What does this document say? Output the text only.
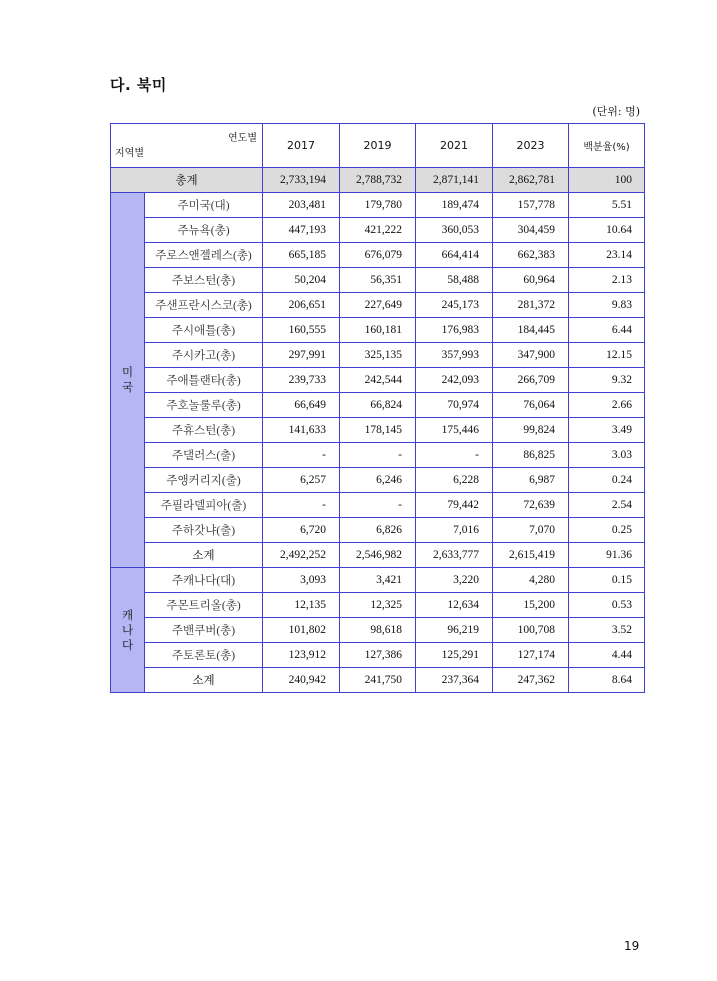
다. 북미
(단위: 명)
연도별
지역별		2017	2019	2021	2023	백분율(%)
총계		2,733,194	2,788,732	2,871,141	2,862,781	100
미
국	주미국(대)	203,481	179,780	189,474	157,778	5.51
	주뉴욕(총)	447,193	421,222	360,053	304,459	10.64
	주로스앤젤레스(총)	665,185	676,079	664,414	662,383	23.14
	주보스턴(총)	50,204	56,351	58,488	60,964	2.13
	주샌프란시스코(총)	206,651	227,649	245,173	281,372	9.83
	주시애틀(총)	160,555	160,181	176,983	184,445	6.44
	주시카고(총)	297,991	325,135	357,993	347,900	12.15
	주애틀랜타(총)	239,733	242,544	242,093	266,709	9.32
	주호놀룰루(총)	66,649	66,824	70,974	76,064	2.66
	주휴스턴(총)	141,633	178,145	175,446	99,824	3.49
	주댈러스(출)	-	-	-	86,825	3.03
	주앵커리지(출)	6,257	6,246	6,228	6,987	0.24
	주필라델피아(출)	-	-	79,442	72,639	2.54
	주하갓냐(출)	6,720	6,826	7,016	7,070	0.25
	소계	2,492,252	2,546,982	2,633,777	2,615,419	91.36
캐
나
다	주캐나다(대)	3,093	3,421	3,220	4,280	0.15
	주몬트리올(총)	12,135	12,325	12,634	15,200	0.53
	주밴쿠버(총)	101,802	98,618	96,219	100,708	3.52
	주토론토(총)	123,912	127,386	125,291	127,174	4.44
	소계	240,942	241,750	237,364	247,362	8.64
19
